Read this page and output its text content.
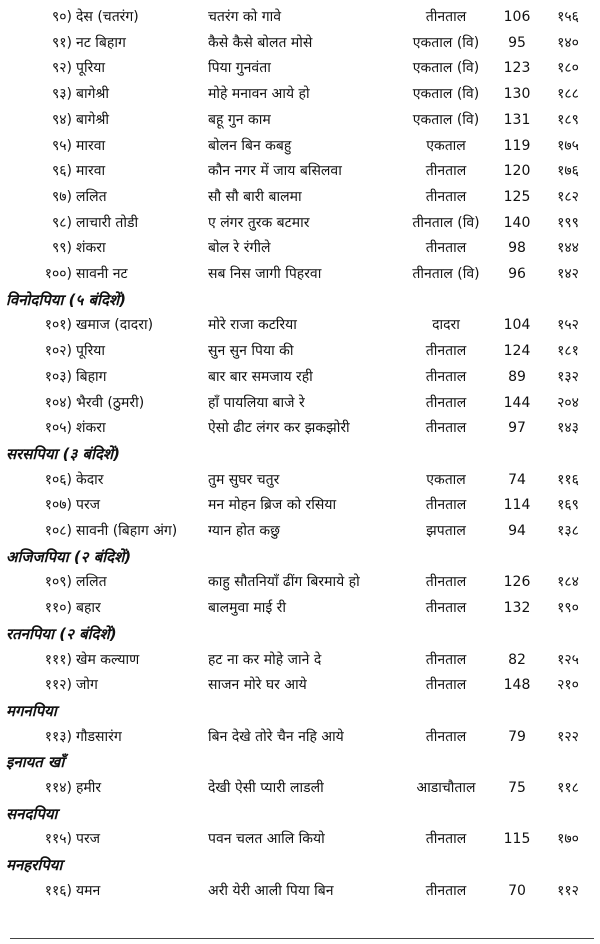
९०) देस (चतरंग)	चतरंग को गावे	तीनताल	106	१५६
९१) नट बिहाग	कैसे कैसे बोलत मोसे	एकताल (वि)	95	१४०
९२) पूरिया	पिया गुनवंता	एकताल (वि)	123	१८०
९३) बागेश्री	मोहे मनावन आये हो	एकताल (वि)	130	१८८
९४) बागेश्री	बहू गुन काम	एकताल (वि)	131	१८९
९५) मारवा	बोलन बिन कबहु	एकताल	119	१७५
९६) मारवा	कौन नगर में जाय बसिलवा	तीनताल	120	१७६
९७) ललित	सौ सौ बारी बालमा	तीनताल	125	१८२
९८) लाचारी तोडी	ए लंगर तुरक बटमार	तीनताल (वि)	140	१९९
९९) शंकरा	बोल रे रंगीले	तीनताल	98	१४४
१००) सावनी नट	सब निस जागी पिहरवा	तीनताल (वि)	96	१४२
विनोदपिया (५ बंदिशें)
१०१) खमाज (दादरा)	मोरे राजा कटरिया	दादरा	104	१५२
१०२) पूरिया	सुन सुन पिया की	तीनताल	124	१८१
१०३) बिहाग	बार बार समजाय रही	तीनताल	89	१३२
१०४) भैरवी (ठुमरी)	हाँ पायलिया बाजे रे	तीनताल	144	२०४
१०५) शंकरा	ऐसो ढीट लंगर कर झकझोरी	तीनताल	97	१४३
सरसपिया (३ बंदिशें)
१०६) केदार	तुम सुघर चतुर	एकताल	74	११६
१०७) परज	मन मोहन ब्रिज को रसिया	तीनताल	114	१६९
१०८) सावनी (बिहाग अंग)	ग्यान होत कछु	झपताल	94	१३८
अजिजपिया (२ बंदिशें)
१०९) ललित	काहु सौतनियाँ ढींग बिरमाये हो	तीनताल	126	१८४
११०) बहार	बालमुवा माई री	तीनताल	132	१९०
रतनपिया (२ बंदिशें)
१११) खेम कल्याण	हट ना कर मोहे जाने दे	तीनताल	82	१२५
११२) जोग	साजन मोरे घर आये	तीनताल	148	२१०
मगनपिया
११३) गौडसारंग	बिन देखे तोरे चैन नहि आये	तीनताल	79	१२२
इनायत खाँ
११४) हमीर	देखी ऐसी प्यारी लाडली	आडाचौताल	75	११८
सनदपिया
११५) परज	पवन चलत आलि कियो	तीनताल	115	१७०
मनहरपिया
११६) यमन	अरी येरी आली पिया बिन	तीनताल	70	११२
